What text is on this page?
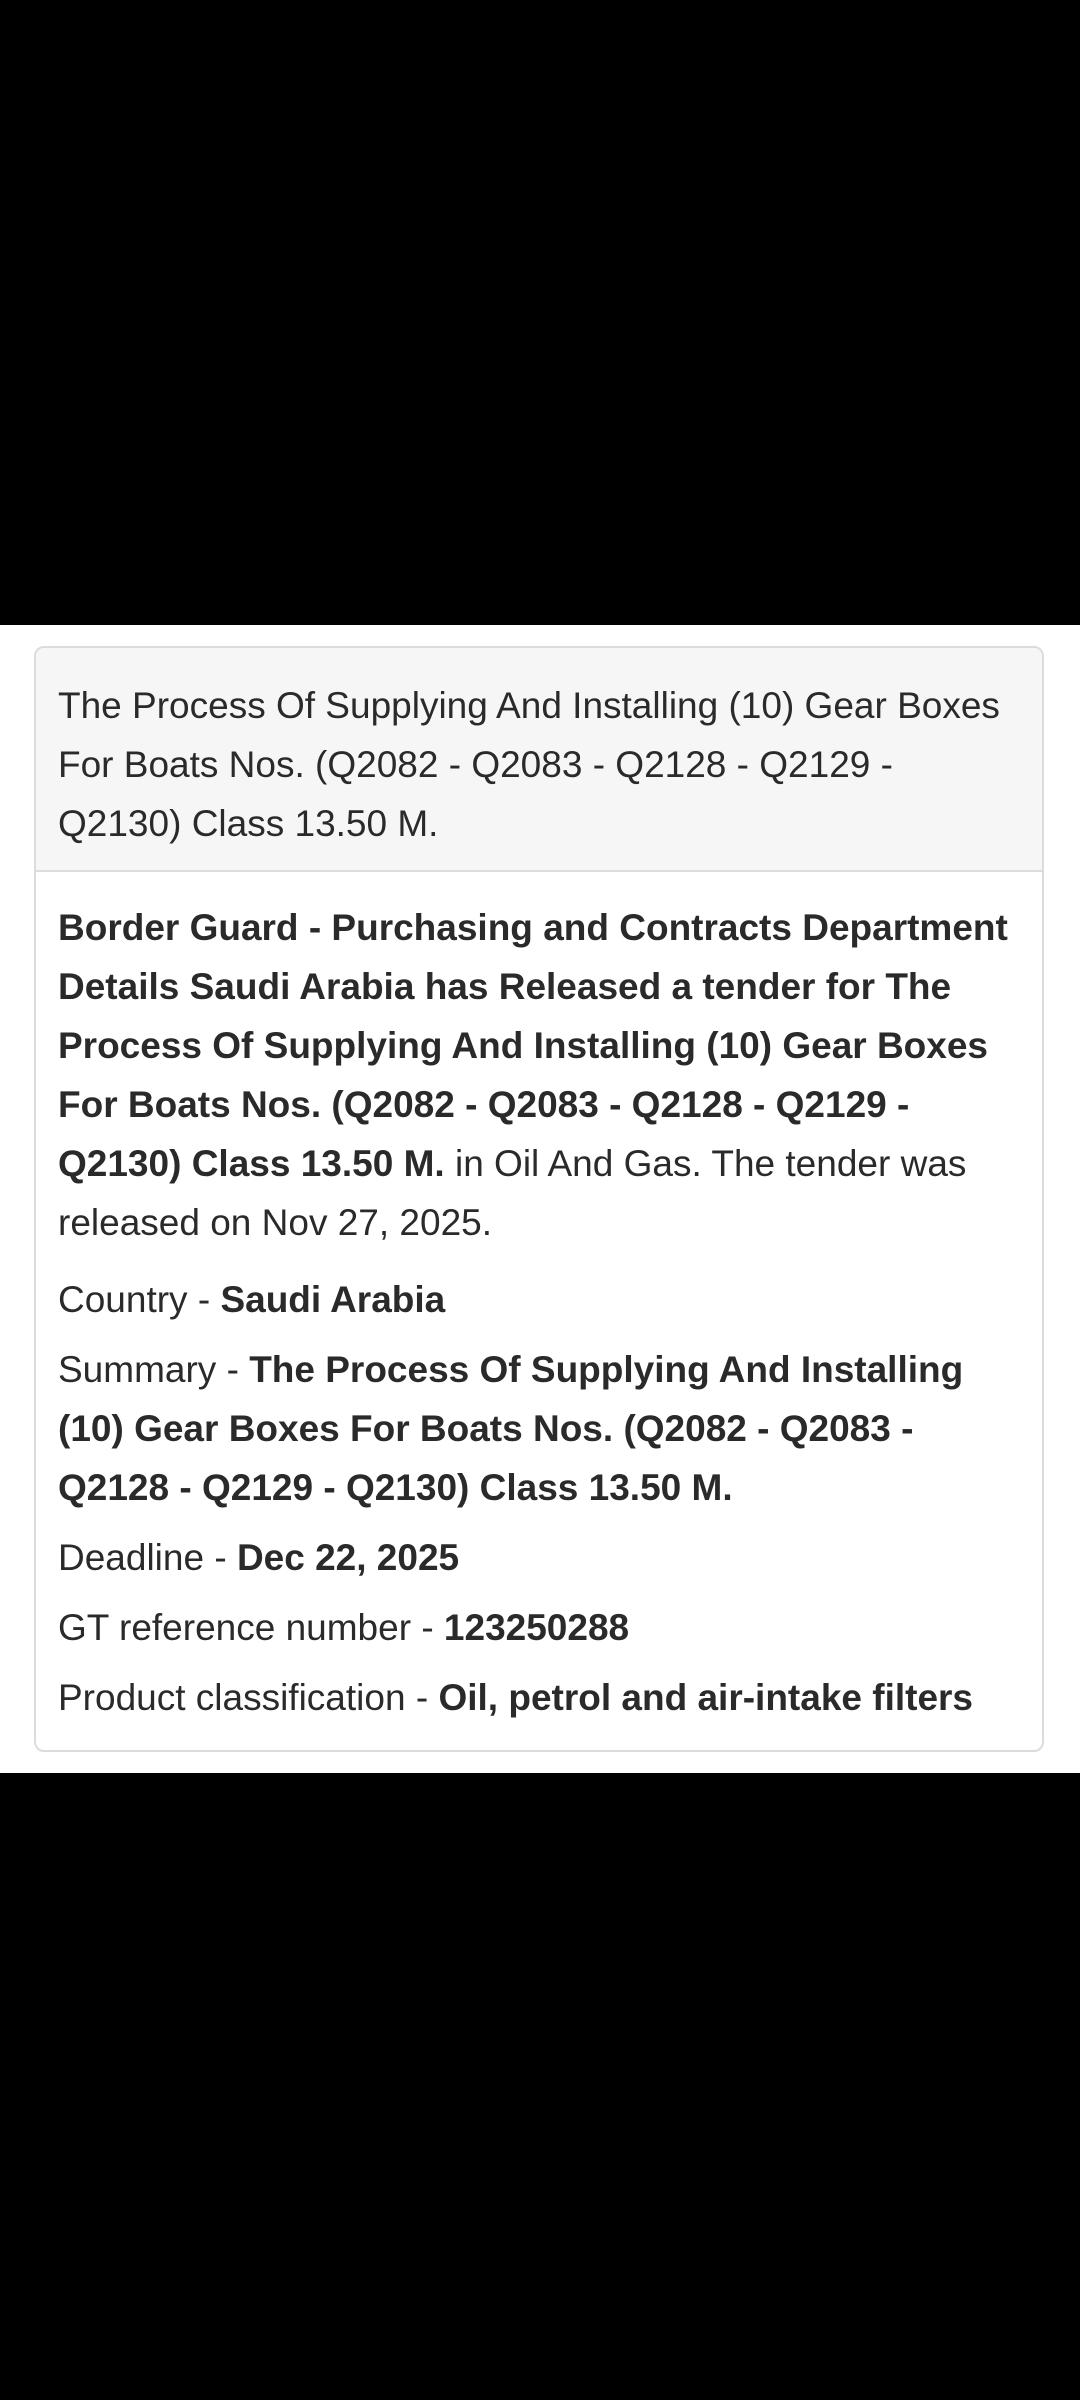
The Process Of Supplying And Installing (10) Gear Boxes For Boats Nos. (Q2082 - Q2083 - Q2128 - Q2129 - Q2130) Class 13.50 M.

Border Guard - Purchasing and Contracts Department Details Saudi Arabia has Released a tender for The Process Of Supplying And Installing (10) Gear Boxes For Boats Nos. (Q2082 - Q2083 - Q2128 - Q2129 - Q2130) Class 13.50 M. in Oil And Gas. The tender was released on Nov 27, 2025.

Country - Saudi Arabia
Summary - The Process Of Supplying And Installing (10) Gear Boxes For Boats Nos. (Q2082 - Q2083 - Q2128 - Q2129 - Q2130) Class 13.50 M.
Deadline - Dec 22, 2025
GT reference number - 123250288
Product classification - Oil, petrol and air-intake filters
